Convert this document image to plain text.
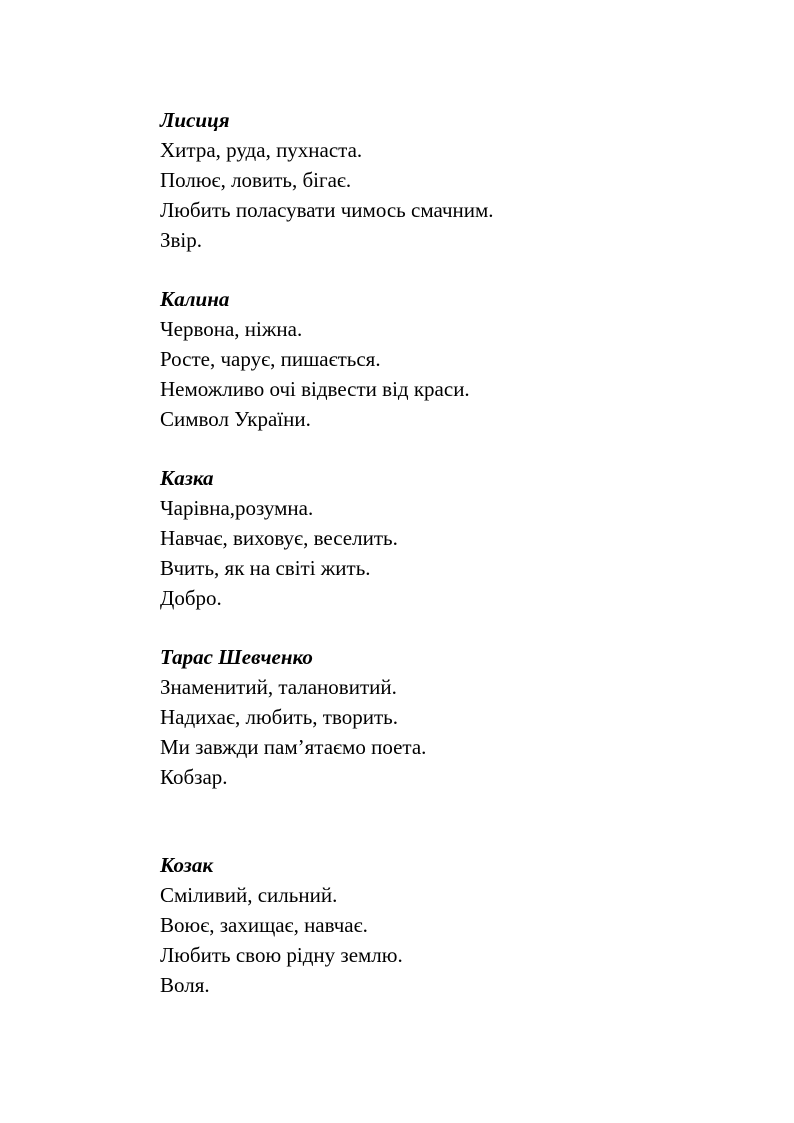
Лисиця
Хитра, руда, пухнаста.
Полює, ловить, бігає.
Любить поласувати чимось смачним.
Звір.
Калина
Червона, ніжна.
Росте, чарує, пишається.
Неможливо очі відвести від краси.
Символ України.
Казка
Чарівна,розумна.
Навчає, виховує, веселить.
Вчить, як на світі жить.
Добро.
Тарас Шевченко
Знаменитий, талановитий.
Надихає, любить, творить.
Ми завжди пам’ятаємо поета.
Кобзар.
Козак
Сміливий, сильний.
Воює, захищає, навчає.
Любить свою рідну землю.
Воля.
